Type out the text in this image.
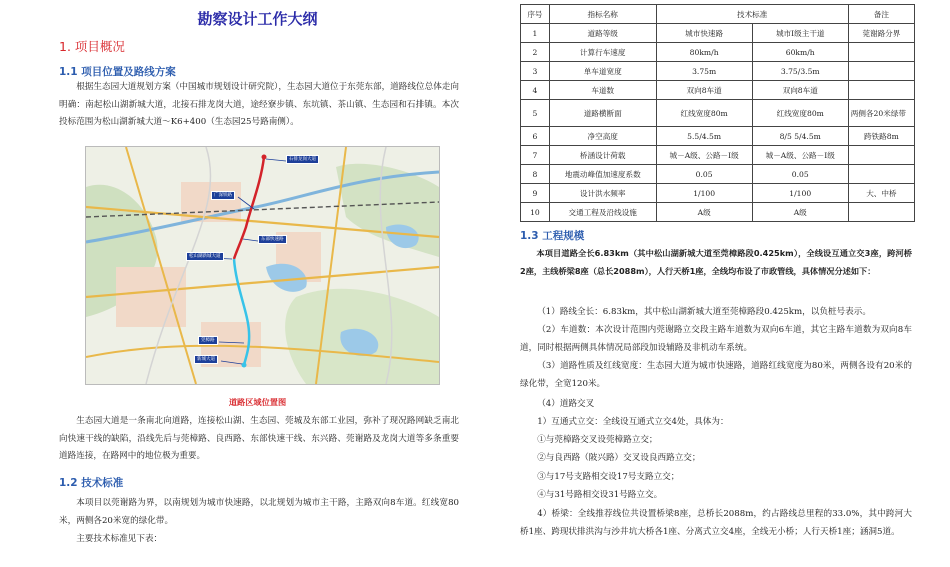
勘察设计工作大纲
1. 项目概况
1.1 项目位置及路线方案
根据生态园大道规划方案（中国城市规划设计研究院），生态园大道位于东莞东部，道路线位总体走向明确：南起松山湖新城大道，北接石排龙岗大道，途经寮步镇、东坑镇、茶山镇、生态园和石排镇。本次投标范围为松山湖新城大道～K6+400（生态园25号路南侧）。
石排龙岗大道
广深铁路
东部快速路
松山湖新城大道
莞樟路
新城大道
道路区域位置图
生态园大道是一条南北向道路，连接松山湖、生态园、莞城及东部工业园，弥补了现况路网缺乏南北向快速干线的缺陷，沿线先后与莞樟路、良西路、东部快速干线、东兴路、莞谢路及龙岗大道等多条重要道路连接，在路网中的地位极为重要。
1.2 技术标准
本项目以莞谢路为界，以南规划为城市快速路，以北规划为城市主干路，主路双向8车道。红线宽80米，两侧各20米宽的绿化带。
主要技术标准见下表：
序号	指标名称	技术标准		备注
1	道路等级	城市快速路	城市Ⅰ级主干道	莞谢路分界
2	计算行车速度	80km/h	60km/h	
3	单车道宽度	3.75m	3.75/3.5m	
4	车道数	双向8车道	双向8车道	
5	道路横断面	红线宽度80m	红线宽度80m	两侧各20米绿带
6	净空高度	5.5/4.5m	8/5 5/4.5m	跨铁路8m
7	桥涵设计荷载	城－A级、公路－Ⅰ级	城－A级、公路－Ⅰ级	
8	地震动峰值加速度系数	0.05	0.05	
9	设计洪水频率	1/100	1/100	大、中桥
10	交通工程及沿线设施	A级	A级	
1.3 工程规模
本项目道路全长6.83km（其中松山湖新城大道至莞樟路段0.425km），全线设互通立交3座，跨河桥2座，主线桥梁8座（总长2088m），人行天桥1座，全线均布设了市政管线，具体情况分述如下：
（1）路线全长：6.83km，其中松山湖新城大道至莞樟路段0.425km，以负桩号表示。
（2）车道数：本次设计范围内莞谢路立交段主路车道数为双向6车道，其它主路车道数为双向8车道，同时根据两侧具体情况局部段加设辅路及非机动车系统。
（3）道路性质及红线宽度：生态园大道为城市快速路，道路红线宽度为80米，两侧各设有20米的绿化带，全宽120米。
（4）道路交叉
1）互通式立交：全线设互通式立交4处，具体为：
①与莞樟路交叉设莞樟路立交；
②与良西路（陂兴路）交叉设良西路立交；
③与17号支路相交设17号支路立交；
④与31号路相交设31号路立交。
4）桥梁：全线推荐线位共设置桥梁8座，总桥长2088m，约占路线总里程的33.0%，其中跨河大桥1座、跨现状排洪沟与沙井坑大桥各1座、分离式立交4座，全线无小桥；人行天桥1座；涵洞5道。
